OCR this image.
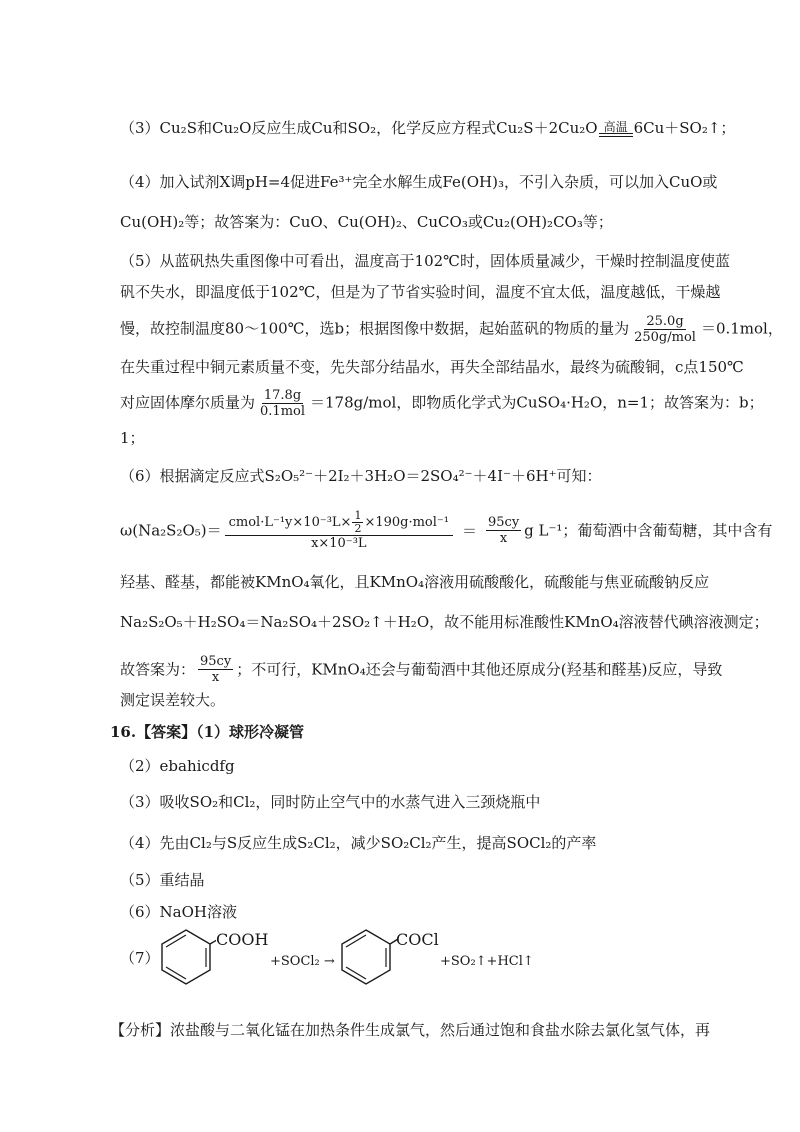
（3）Cu₂S和Cu₂O反应生成Cu和SO₂，化学反应方程式Cu₂S＋2Cu₂O 高温 6Cu＋SO₂↑；
（4）加入试剂X调pH=4促进Fe³⁺完全水解生成Fe(OH)₃，不引入杂质，可以加入CuO或
Cu(OH)₂等；故答案为：CuO、Cu(OH)₂、CuCO₃或Cu₂(OH)₂CO₃等；
（5）从蓝矾热失重图像中可看出，温度高于102℃时，固体质量减少，干燥时控制温度使蓝
矾不失水，即温度低于102℃，但是为了节省实验时间，温度不宜太低，温度越低，干燥越
慢，故控制温度80～100℃，选b；根据图像中数据，起始蓝矾的物质的量为 $\frac{25.0g}{\text{250g/mol}} =0.1mol$，
在失重过程中铜元素质量不变，先失部分结晶水，再失全部结晶水，最终为硫酸铜，c点150℃
对应固体摩尔质量为 $\frac{17.8g}{\text{0.1mol}} =178g/mol$，即物质化学式为CuSO₄·H₂O，n=1；故答案为：b；
1；
（6）根据滴定反应式S₂O₅²⁻＋2I₂＋3H₂O＝2SO₄²⁻＋4I⁻＋6H⁺可知：
$\omega(Na_2S_2O_5)= \frac{cmol\cdot L^{-1}y\times 10^{-3}L\times \frac{1}{2} \times 190g\cdot mol^{-1}}{\text{x×10⁻³L}} = \frac{95cy}{x}$ g L⁻¹；葡萄酒中含葡萄糖，其中含有
羟基、醛基，都能被KMnO₄氧化，且KMnO₄溶液用硫酸酸化，硫酸能与焦亚硫酸钠反应
Na₂S₂O₅＋H₂SO₄＝Na₂SO₄＋2SO₂↑＋H₂O，故不能用标准酸性KMnO₄溶液替代碘溶液测定；
故答案为： $\frac{95cy}{x}$ ；不可行，KMnO₄还会与葡萄酒中其他还原成分(羟基和醛基)反应，导致
测定误差较大。
16.【答案】（1）球形冷凝管
（2）ebahicdfg
（3）吸收SO₂和Cl₂，同时防止空气中的水蒸气进入三颈烧瓶中
（4）先由Cl₂与S反应生成S₂Cl₂，减少SO₂Cl₂产生，提高SOCl₂的产率
（5）重结晶
（6）NaOH溶液
（7）
COOH
+SOCl₂ →
COCl
+SO₂↑+HCl↑
【分析】浓盐酸与二氧化锰在加热条件生成氯气，然后通过饱和食盐水除去氯化氢气体，再
